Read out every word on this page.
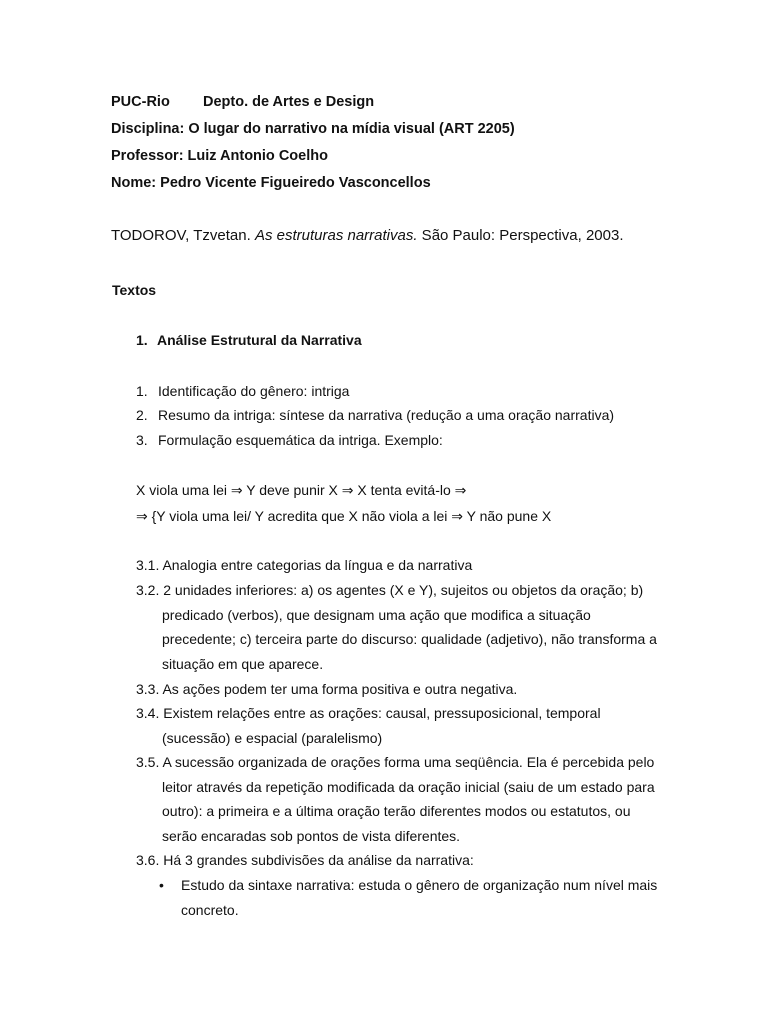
PUC-Rio Depto. de Artes e Design
Disciplina: O lugar do narrativo na mídia visual (ART 2205)
Professor: Luiz Antonio Coelho
Nome: Pedro Vicente Figueiredo Vasconcellos
TODOROV, Tzvetan. As estruturas narrativas. São Paulo: Perspectiva, 2003.
Textos
1. Análise Estrutural da Narrativa
1. Identificação do gênero: intriga
2. Resumo da intriga: síntese da narrativa (redução a uma oração narrativa)
3. Formulação esquemática da intriga. Exemplo:
X viola uma lei ⇒ Y deve punir X ⇒ X tenta evitá-lo ⇒
⇒ {Y viola uma lei/ Y acredita que X não viola a lei ⇒ Y não pune X
3.1. Analogia entre categorias da língua e da narrativa
3.2. 2 unidades inferiores: a) os agentes (X e Y), sujeitos ou objetos da oração; b)
predicado (verbos), que designam uma ação que modifica a situação
precedente; c) terceira parte do discurso: qualidade (adjetivo), não transforma a
situação em que aparece.
3.3. As ações podem ter uma forma positiva e outra negativa.
3.4. Existem relações entre as orações: causal, pressuposicional, temporal
(sucessão) e espacial (paralelismo)
3.5. A sucessão organizada de orações forma uma seqüência. Ela é percebida pelo
leitor através da repetição modificada da oração inicial (saiu de um estado para
outro): a primeira e a última oração terão diferentes modos ou estatutos, ou
serão encaradas sob pontos de vista diferentes.
3.6. Há 3 grandes subdivisões da análise da narrativa:
• Estudo da sintaxe narrativa: estuda o gênero de organização num nível mais
concreto.
